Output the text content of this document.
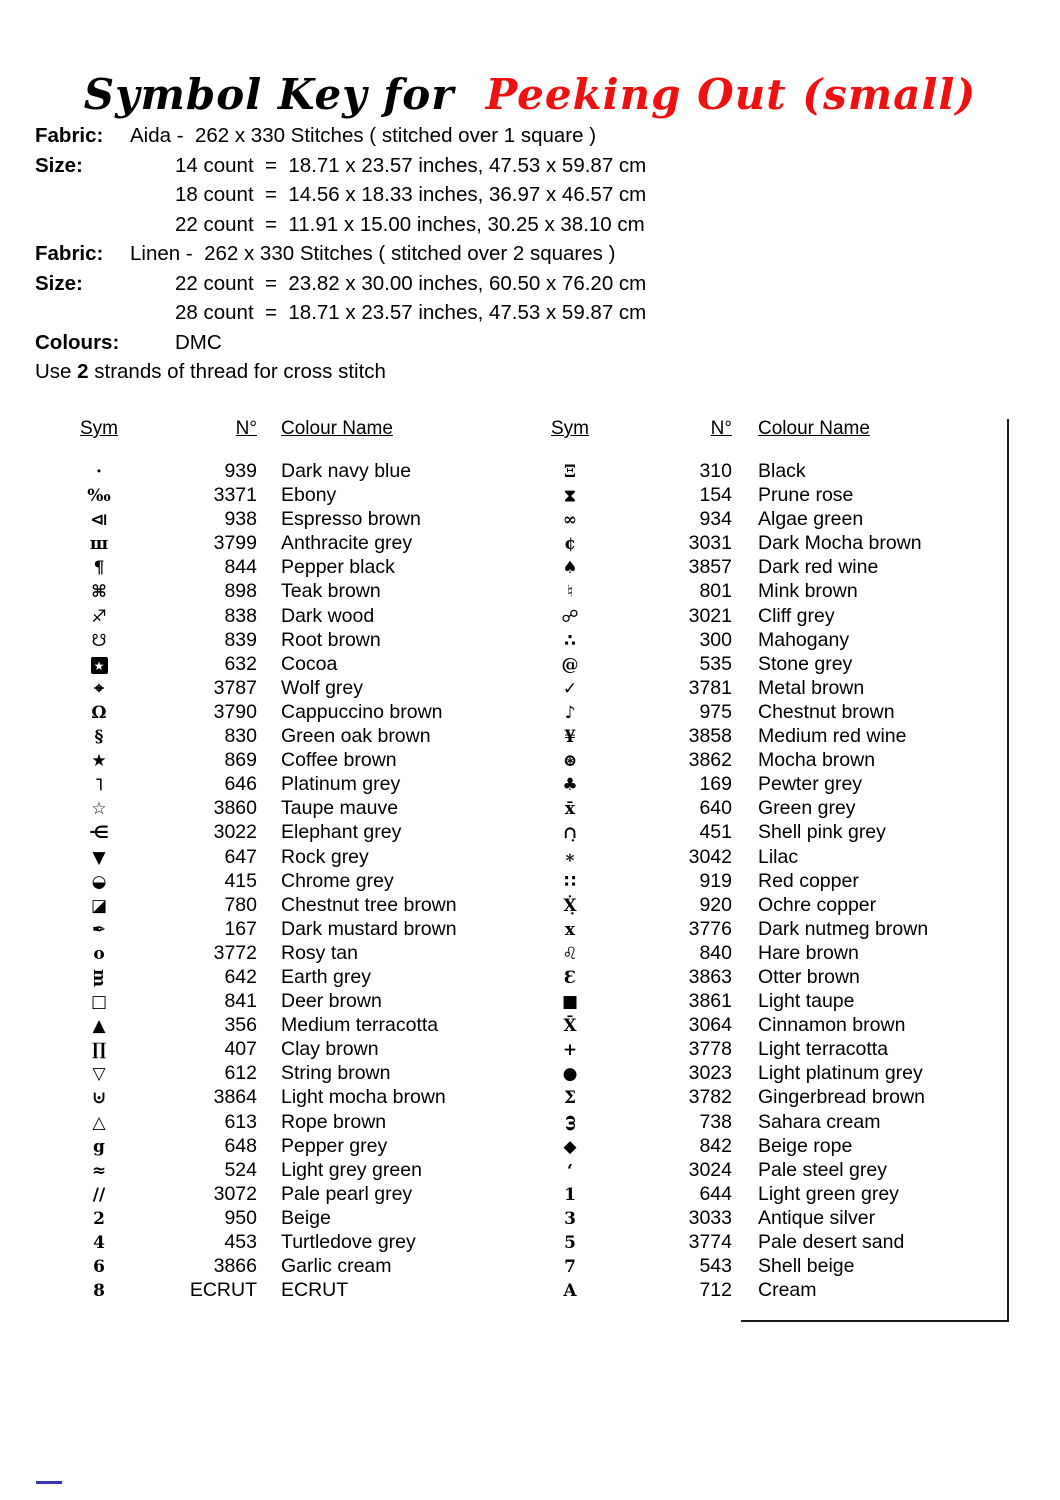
Symbol Key for  Peeking Out (small)
Fabric: Aida -  262 x 330 Stitches ( stitched over 1 square )
Size:	14 count  =  18.71 x 23.57 inches, 47.53 x 59.87 cm
18 count  =  14.56 x 18.33 inches, 36.97 x 46.57 cm
22 count  =  11.91 x 15.00 inches, 30.25 x 38.10 cm
Fabric: Linen -  262 x 330 Stitches ( stitched over 2 squares )
Size:	22 count  =  23.82 x 30.00 inches, 60.50 x 76.20 cm
28 count  =  18.71 x 23.57 inches, 47.53 x 59.87 cm
Colours:	DMC
Use 2 strands of thread for cross stitch
Sym	N°	Colour Name
·	939	Dark navy blue
‰	3371	Ebony
⧏	938	Espresso brown
ш	3799	Anthracite grey
¶	844	Pepper black
⌘	898	Teak brown
♐	838	Dark wood
☋	839	Root brown
★	632	Cocoa
⌖	3787	Wolf grey
Ω	3790	Cappuccino brown
§	830	Green oak brown
★	869	Coffee brown
˥	646	Platinum grey
☆	3860	Taupe mauve
⋲	3022	Elephant grey
▼	647	Rock grey
◒	415	Chrome grey
◪	780	Chestnut tree brown
✒	167	Dark mustard brown
o	3772	Rosy tan
m	642	Earth grey
□	841	Deer brown
▲	356	Medium terracotta
∏	407	Clay brown
▽	612	String brown
⊍	3864	Light mocha brown
△	613	Rope brown
g	648	Pepper grey
≈	524	Light grey green
∕∕	3072	Pale pearl grey
2	950	Beige
4	453	Turtledove grey
6	3866	Garlic cream
8	ECRUT	ECRUT
Sym	N°	Colour Name
Ξ	310	Black
⧗	154	Prune rose
∞	934	Algae green
¢	3031	Dark Mocha brown
♠	3857	Dark red wine
♮	801	Mink brown
☍	3021	Cliff grey
∴	300	Mahogany
@	535	Stone grey
✓	3781	Metal brown
♪	975	Chestnut brown
¥	3858	Medium red wine
⊛	3862	Mocha brown
♣	169	Pewter grey
x̄	640	Green grey
∩̣	451	Shell pink grey
∗	3042	Lilac
∷	919	Red copper
Ẋ̣	920	Ochre copper
x	3776	Dark nutmeg brown
♌	840	Hare brown
Ɛ	3863	Otter brown
■	3861	Light taupe
X̄	3064	Cinnamon brown
+	3778	Light terracotta
●	3023	Light platinum grey
Σ	3782	Gingerbread brown
ω	738	Sahara cream
◆	842	Beige rope
‘	3024	Pale steel grey
1	644	Light green grey
3	3033	Antique silver
5	3774	Pale desert sand
7	543	Shell beige
A	712	Cream
